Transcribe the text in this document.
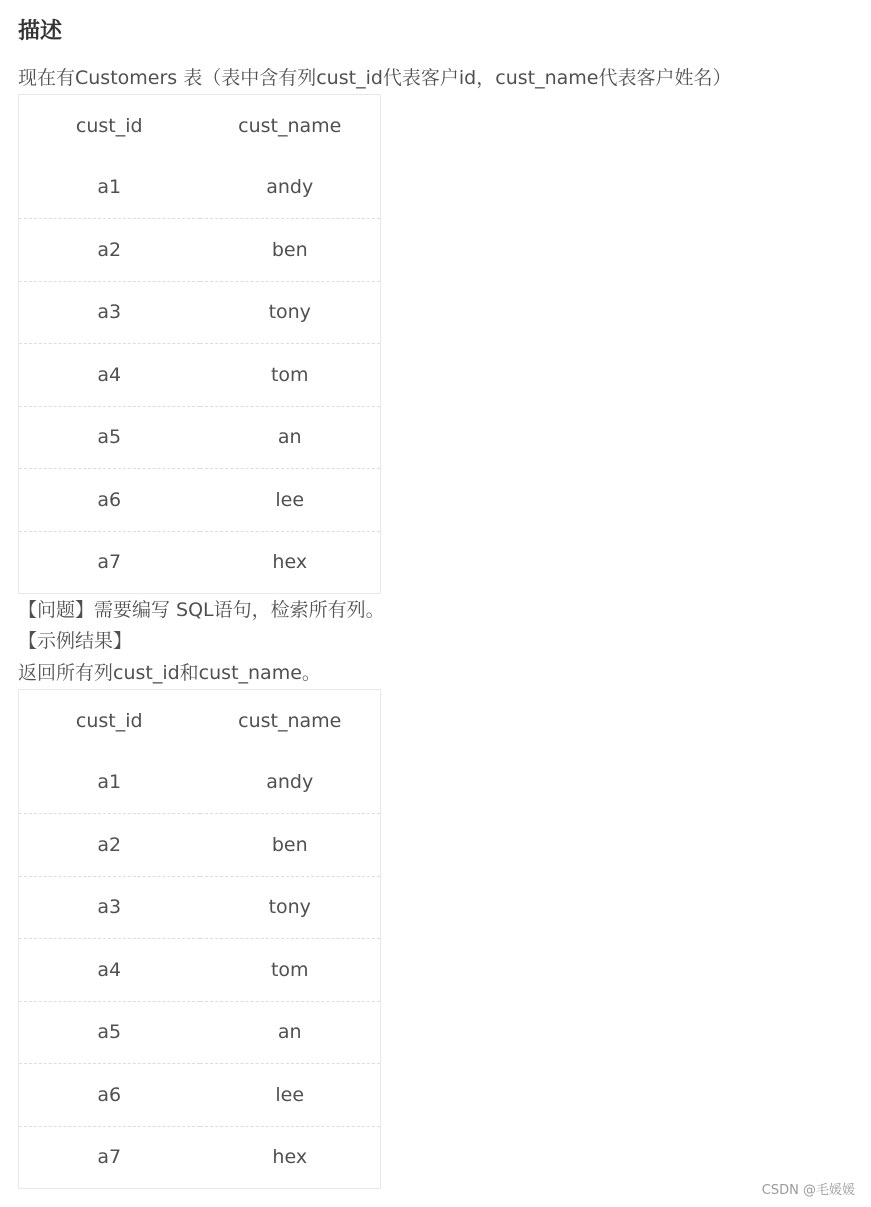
描述
现在有Customers 表（表中含有列cust_id代表客户id，cust_name代表客户姓名）
cust_id	cust_name
a1	andy
a2	ben
a3	tony
a4	tom
a5	an
a6	lee
a7	hex
【问题】需要编写 SQL语句，检索所有列。
【示例结果】
返回所有列cust_id和cust_name。
cust_id	cust_name
a1	andy
a2	ben
a3	tony
a4	tom
a5	an
a6	lee
a7	hex
CSDN @毛媛媛
